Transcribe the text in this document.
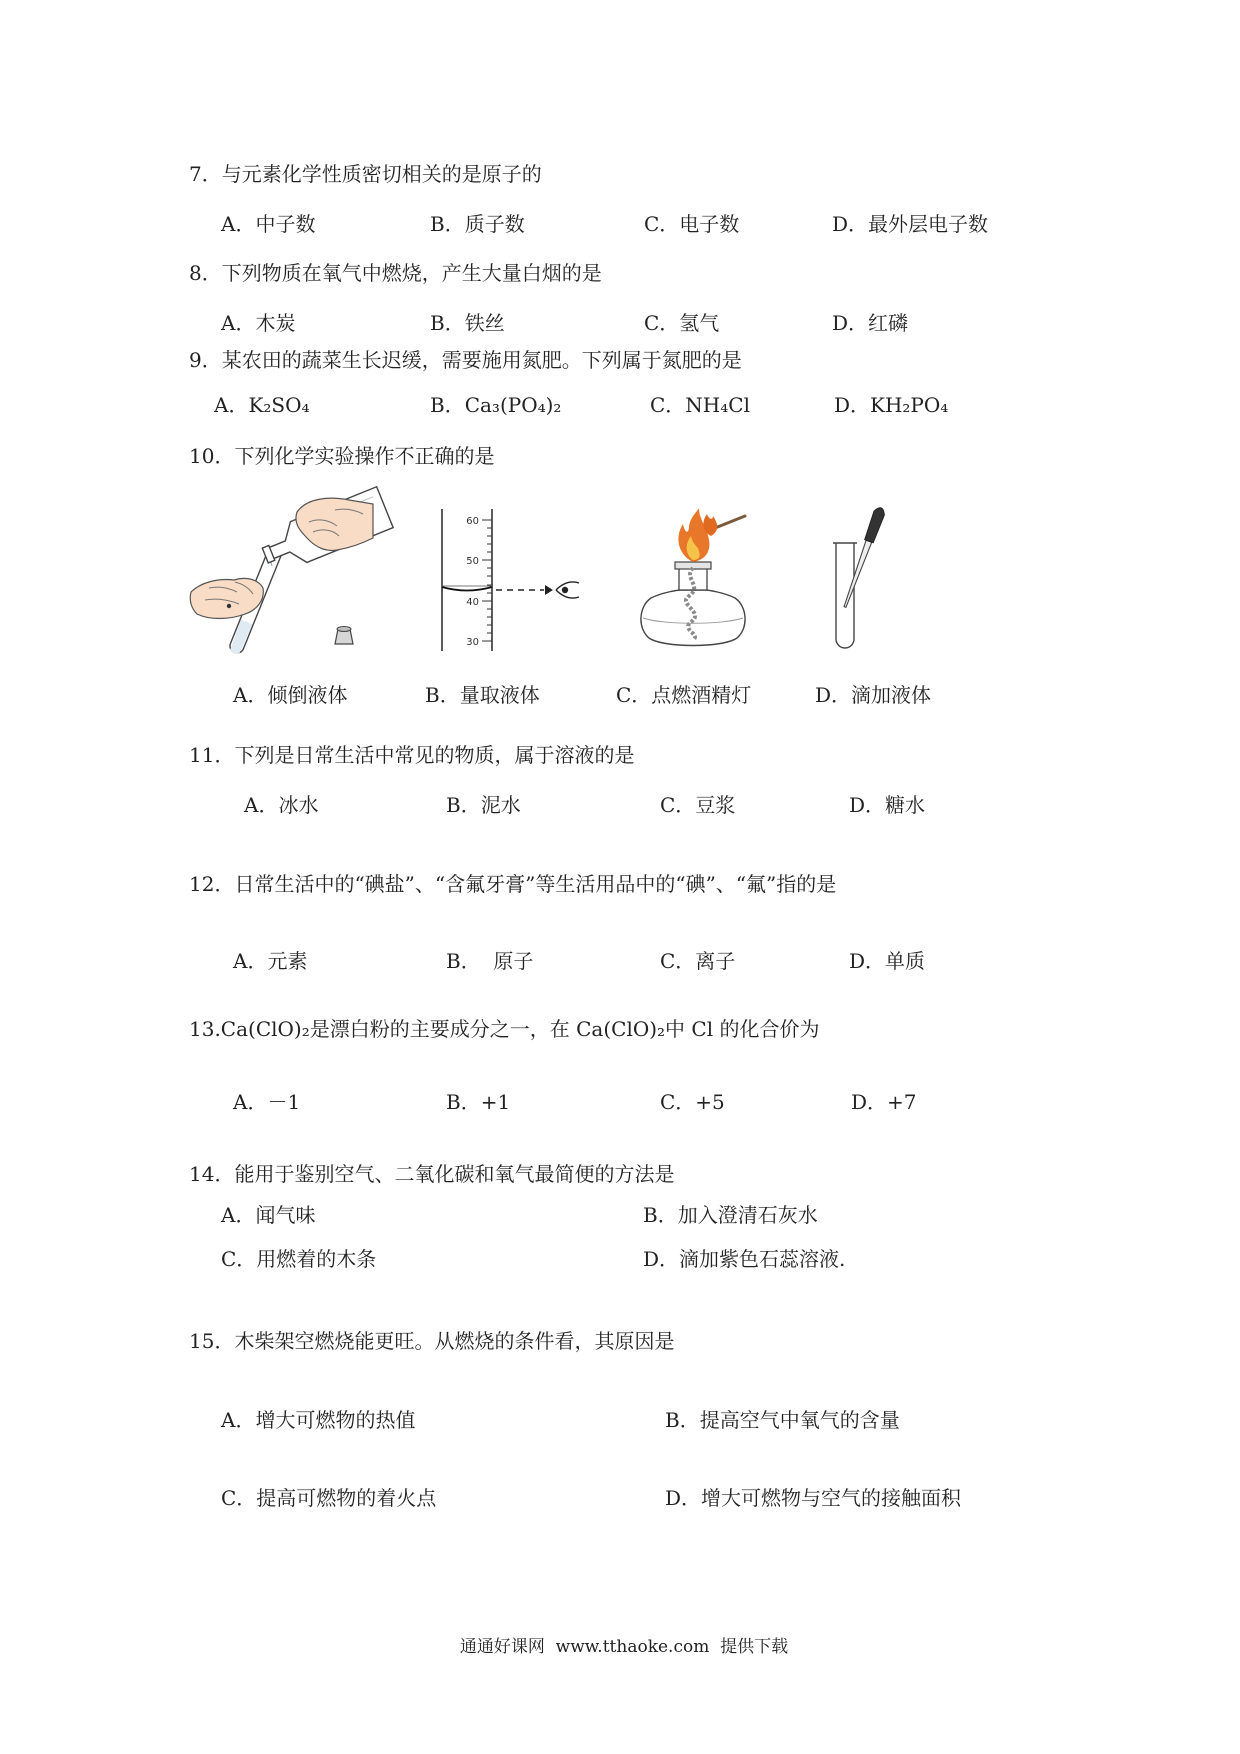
7．与元素化学性质密切相关的是原子的
A．中子数	B．质子数	C．电子数	D．最外层电子数
8．下列物质在氧气中燃烧，产生大量白烟的是
A．木炭	B．铁丝	C．氢气	D．红磷
9．某农田的蔬菜生长迟缓，需要施用氮肥。下列属于氮肥的是
A．K₂SO₄	B．Ca₃(PO₄)₂	C．NH₄Cl	D．KH₂PO₄
10．下列化学实验操作不正确的是
60
50
40
30
A．倾倒液体	B．量取液体	C．点燃酒精灯	D．滴加液体
11．下列是日常生活中常见的物质，属于溶液的是
A．冰水	B．泥水	C．豆浆	D．糖水
12．日常生活中的“碘盐”、“含氟牙膏”等生活用品中的“碘”、“氟”指的是
A．元素	B．  原子	C．离子	D．单质
13.Ca(ClO)₂是漂白粉的主要成分之一，在 Ca(ClO)₂中 Cl 的化合价为
A．－1	B．+1	C．+5	D．+7
14．能用于鉴别空气、二氧化碳和氧气最简便的方法是
A．闻气味	B．加入澄清石灰水
C．用燃着的木条	D．滴加紫色石蕊溶液.
15．木柴架空燃烧能更旺。从燃烧的条件看，其原因是
A．增大可燃物的热值	B．提高空气中氧气的含量
C．提高可燃物的着火点	D．增大可燃物与空气的接触面积
通通好课网  www.tthaoke.com  提供下载
